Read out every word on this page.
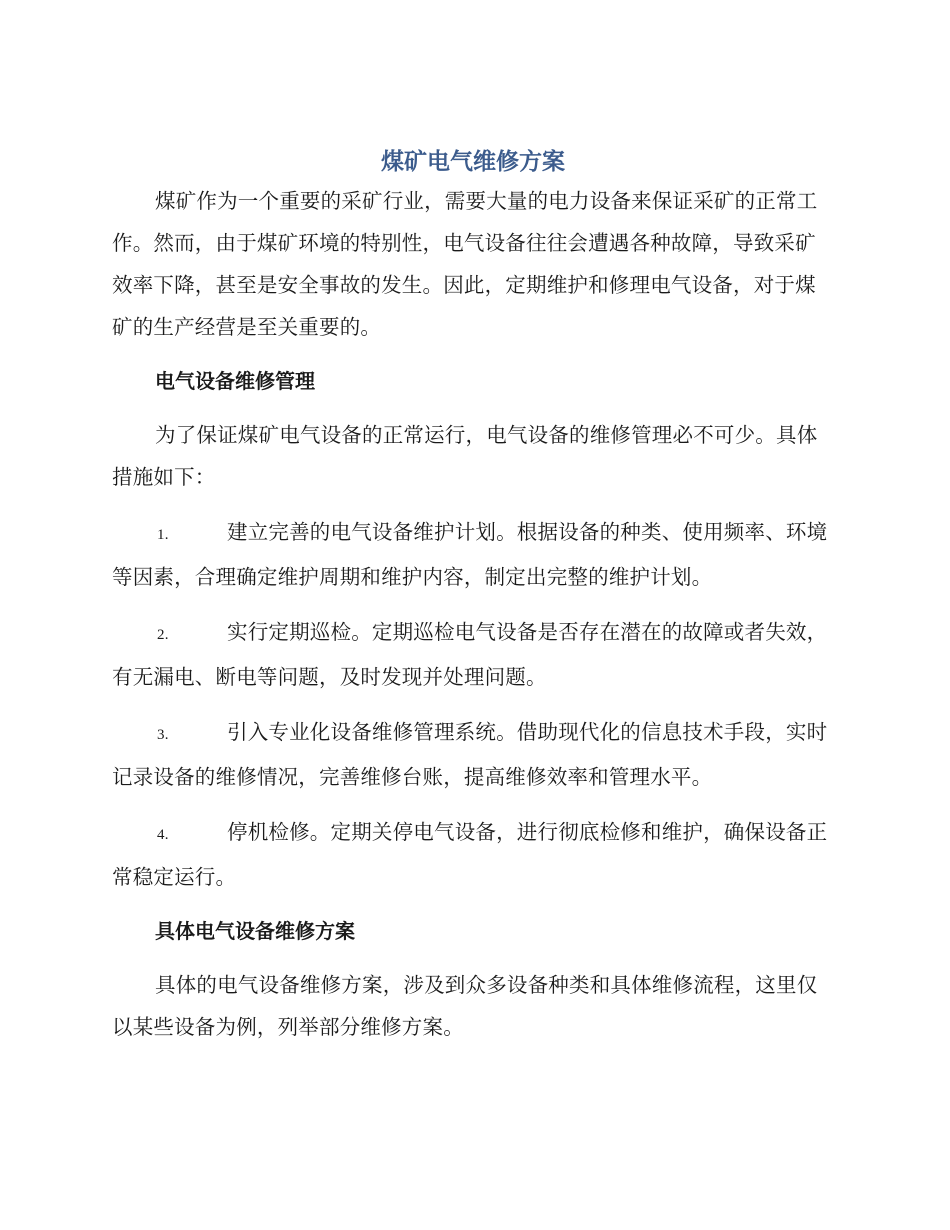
煤矿电气维修方案

煤矿作为一个重要的采矿行业，需要大量的电力设备来保证采矿的正常工作。然而，由于煤矿环境的特别性，电气设备往往会遭遇各种故障，导致采矿效率下降，甚至是安全事故的发生。因此，定期维护和修理电气设备，对于煤矿的生产经营是至关重要的。

电气设备维修管理

为了保证煤矿电气设备的正常运行，电气设备的维修管理必不可少。具体措施如下：

1.	建立完善的电气设备维护计划。根据设备的种类、使用频率、环境等因素，合理确定维护周期和维护内容，制定出完整的维护计划。

2.	实行定期巡检。定期巡检电气设备是否存在潜在的故障或者失效，有无漏电、断电等问题，及时发现并处理问题。

3.	引入专业化设备维修管理系统。借助现代化的信息技术手段，实时记录设备的维修情况，完善维修台账，提高维修效率和管理水平。

4.	停机检修。定期关停电气设备，进行彻底检修和维护，确保设备正常稳定运行。

具体电气设备维修方案

具体的电气设备维修方案，涉及到众多设备种类和具体维修流程，这里仅以某些设备为例，列举部分维修方案。
